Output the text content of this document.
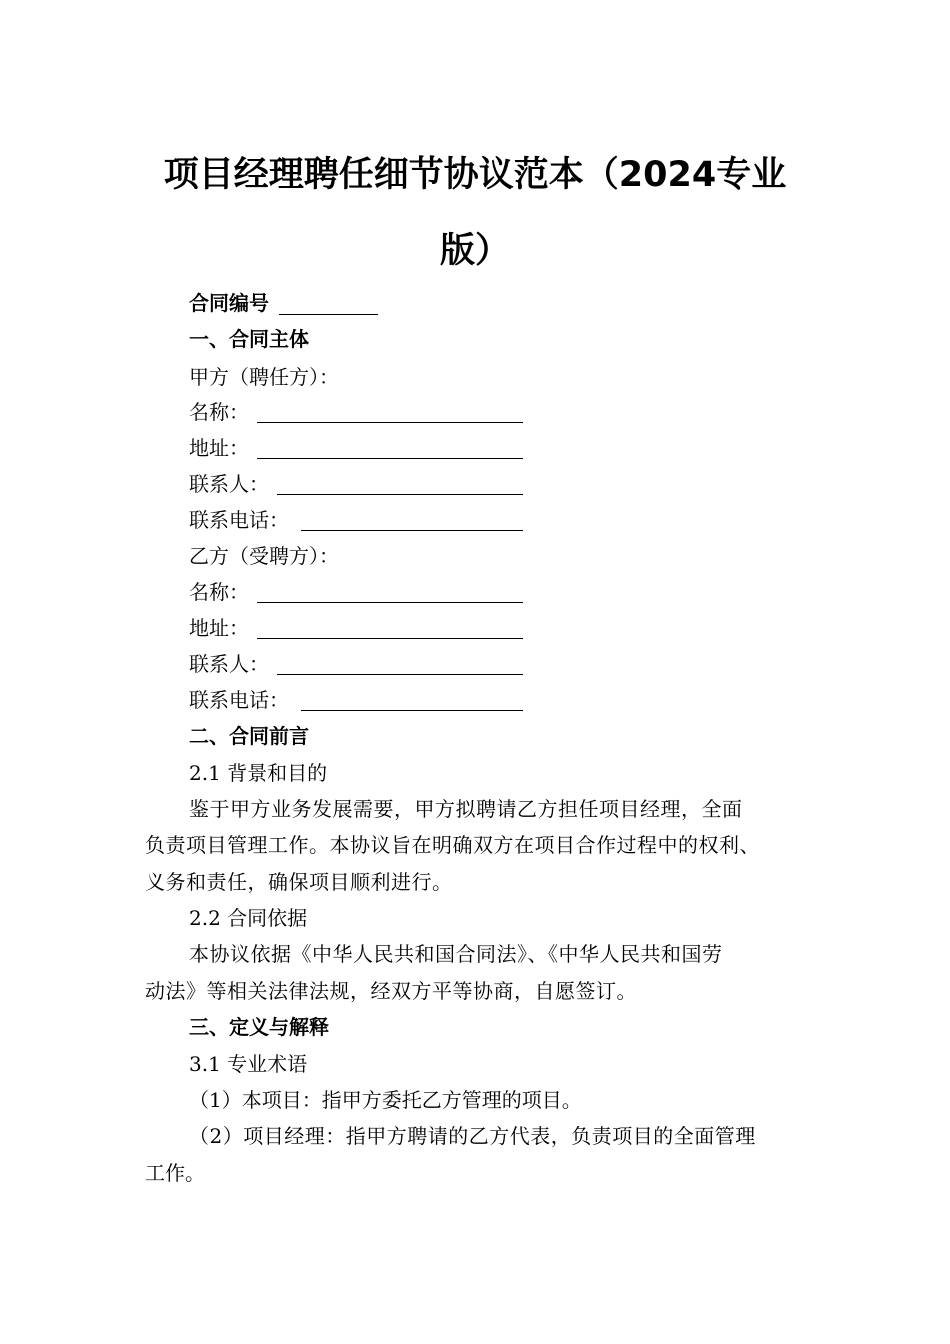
项目经理聘任细节协议范本（2024专业
版）
合同编号
一、合同主体
甲方（聘任方）：
名称：
地址：
联系人：
联系电话：
乙方（受聘方）：
名称：
地址：
联系人：
联系电话：
二、合同前言
2.1 背景和目的
鉴于甲方业务发展需要，甲方拟聘请乙方担任项目经理，全面
负责项目管理工作。本协议旨在明确双方在项目合作过程中的权利、
义务和责任，确保项目顺利进行。
2.2 合同依据
本协议依据《中华人民共和国合同法》、《中华人民共和国劳
动法》等相关法律法规，经双方平等协商，自愿签订。
三、定义与解释
3.1 专业术语
（1）本项目：指甲方委托乙方管理的项目。
（2）项目经理：指甲方聘请的乙方代表，负责项目的全面管理
工作。
